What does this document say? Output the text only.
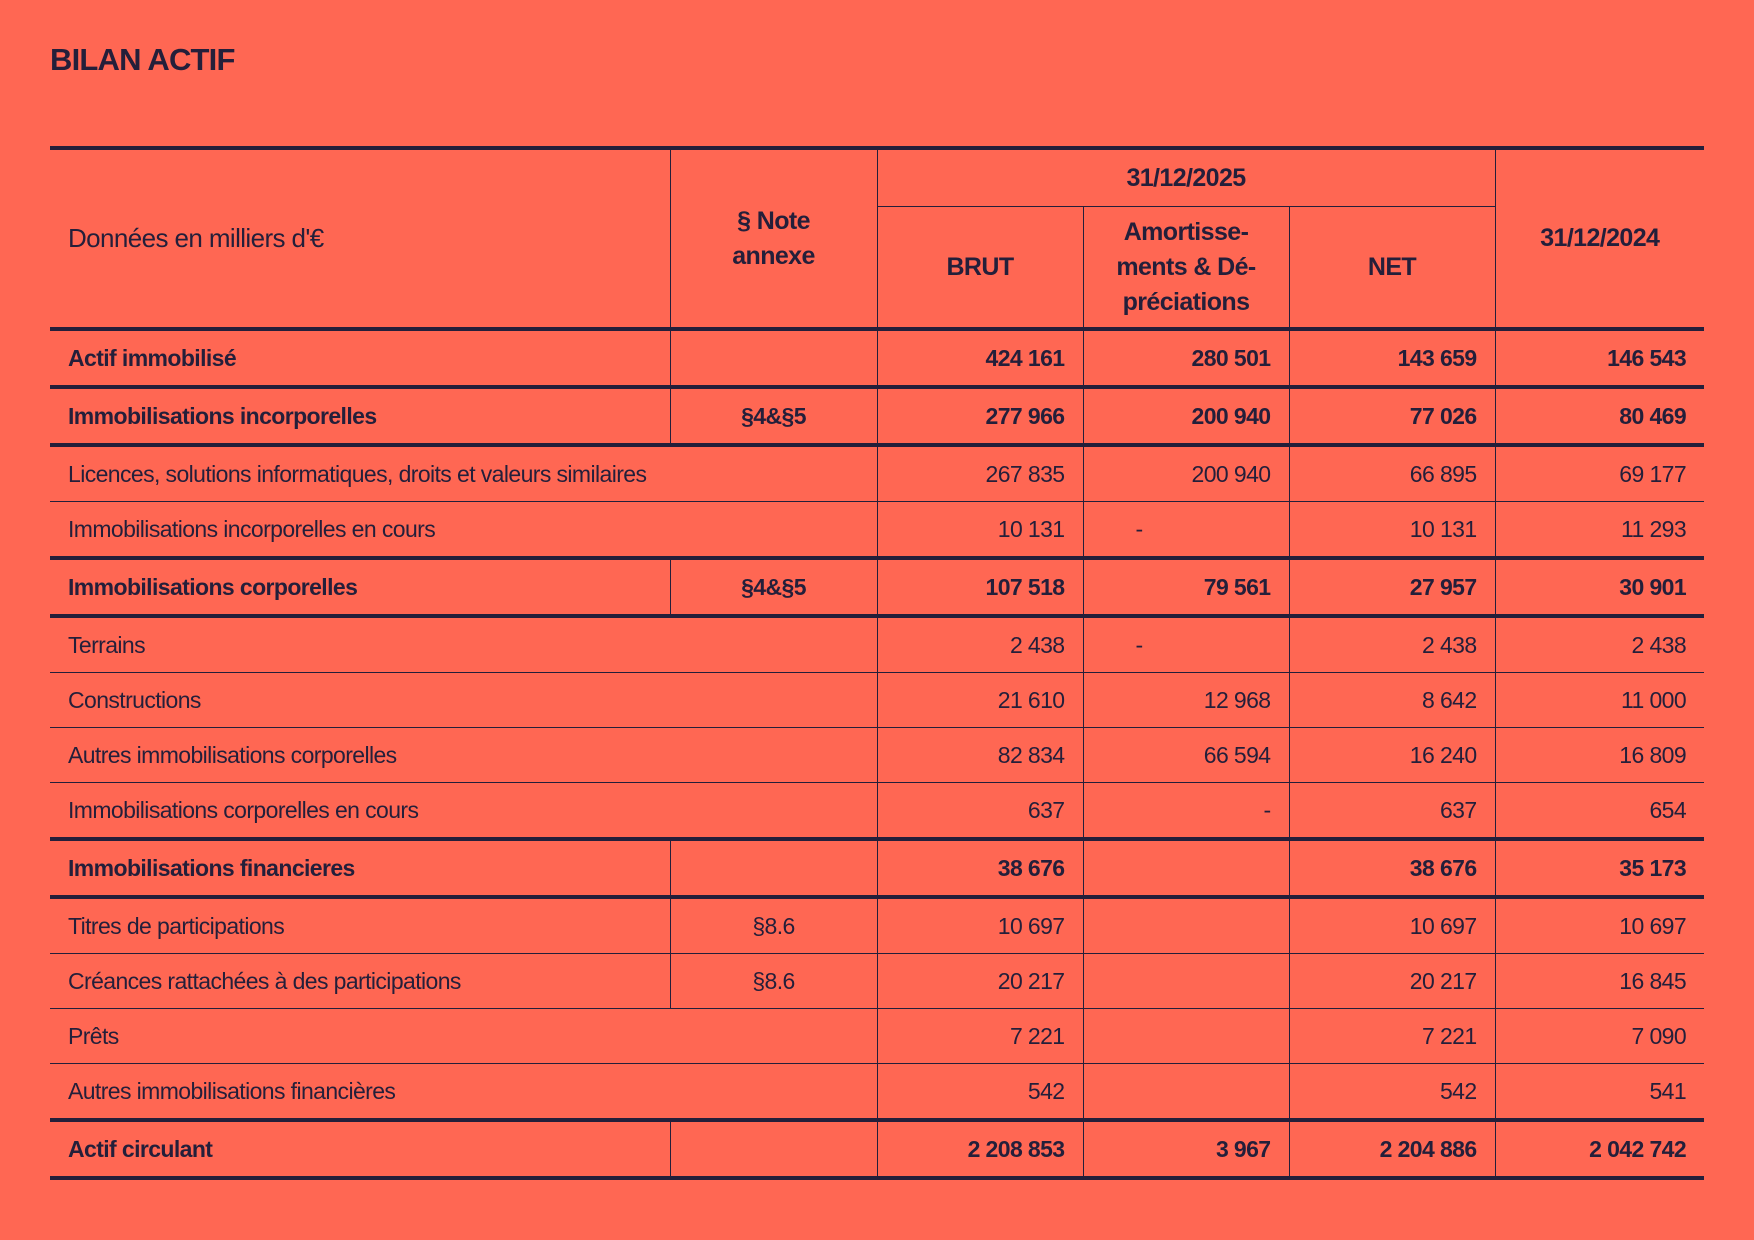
BILAN ACTIF
Données en milliers d'€	§ Note annexe	31/12/2025			31/12/2024
		BRUT	Amortisse-ments & Dé-préciations	NET	
Actif immobilisé		424 161	280 501	143 659	146 543
Immobilisations incorporelles	§4&§5	277 966	200 940	77 026	80 469
Licences, solutions informatiques, droits et valeurs similaires		267 835	200 940	66 895	69 177
Immobilisations incorporelles en cours		10 131	-	10 131	11 293
Immobilisations corporelles	§4&§5	107 518	79 561	27 957	30 901
Terrains		2 438	-	2 438	2 438
Constructions		21 610	12 968	8 642	11 000
Autres immobilisations corporelles		82 834	66 594	16 240	16 809
Immobilisations corporelles en cours		637	-	637	654
Immobilisations financieres		38 676		38 676	35 173
Titres de participations	§8.6	10 697		10 697	10 697
Créances rattachées à des participations	§8.6	20 217		20 217	16 845
Prêts		7 221		7 221	7 090
Autres immobilisations financières		542		542	541
Actif circulant		2 208 853	3 967	2 204 886	2 042 742
